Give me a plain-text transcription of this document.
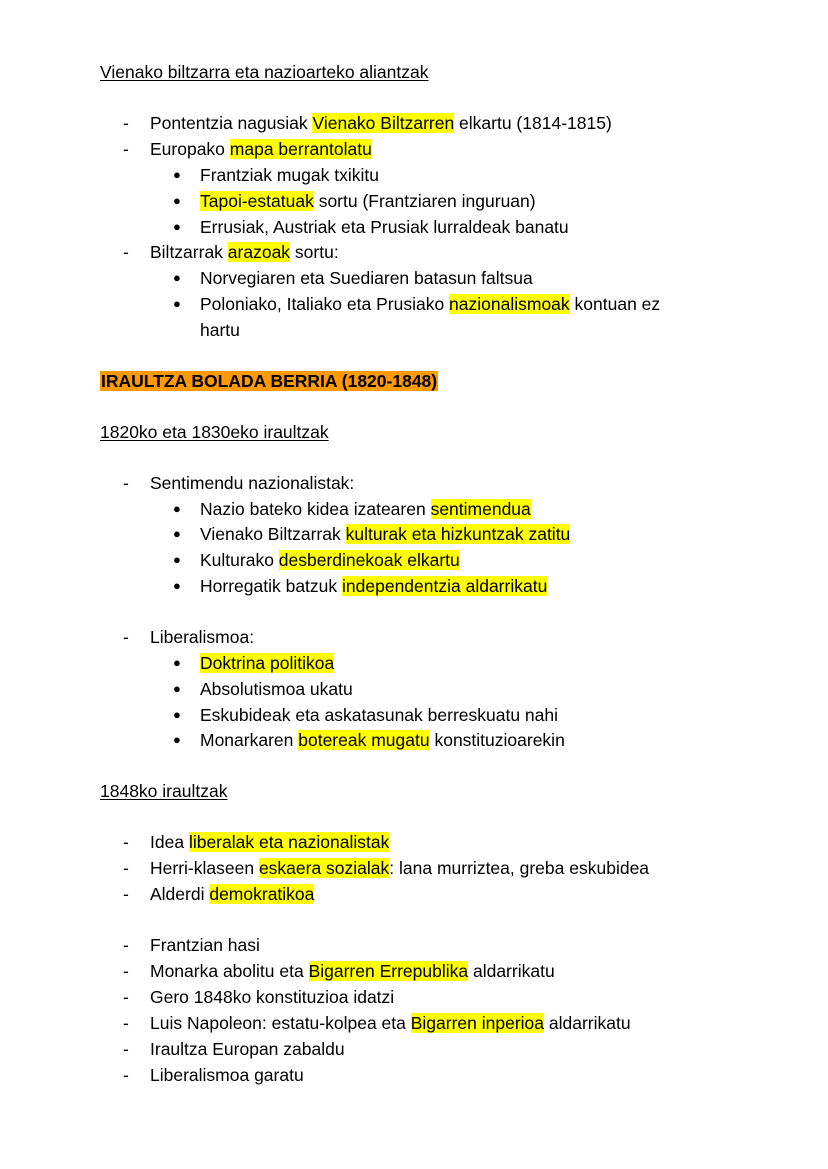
Vienako biltzarra eta nazioarteko aliantzak
- Pontentzia nagusiak Vienako Biltzarren elkartu (1814-1815)
- Europako mapa berrantolatu
● Frantziak mugak txikitu
● Tapoi-estatuak sortu (Frantziaren inguruan)
● Errusiak, Austriak eta Prusiak lurraldeak banatu
- Biltzarrak arazoak sortu:
● Norvegiaren eta Suediaren batasun faltsua
● Poloniako, Italiako eta Prusiako nazionalismoak kontuan ez
hartu
IRAULTZA BOLADA BERRIA (1820-1848)
1820ko eta 1830eko iraultzak
- Sentimendu nazionalistak:
● Nazio bateko kidea izatearen sentimendua
● Vienako Biltzarrak kulturak eta hizkuntzak zatitu
● Kulturako desberdinekoak elkartu
● Horregatik batzuk independentzia aldarrikatu
- Liberalismoa:
● Doktrina politikoa
● Absolutismoa ukatu
● Eskubideak eta askatasunak berreskuatu nahi
● Monarkaren botereak mugatu konstituzioarekin
1848ko iraultzak
- Idea liberalak eta nazionalistak
- Herri-klaseen eskaera sozialak: lana murriztea, greba eskubidea
- Alderdi demokratikoa
- Frantzian hasi
- Monarka abolitu eta Bigarren Errepublika aldarrikatu
- Gero 1848ko konstituzioa idatzi
- Luis Napoleon: estatu-kolpea eta Bigarren inperioa aldarrikatu
- Iraultza Europan zabaldu
- Liberalismoa garatu
